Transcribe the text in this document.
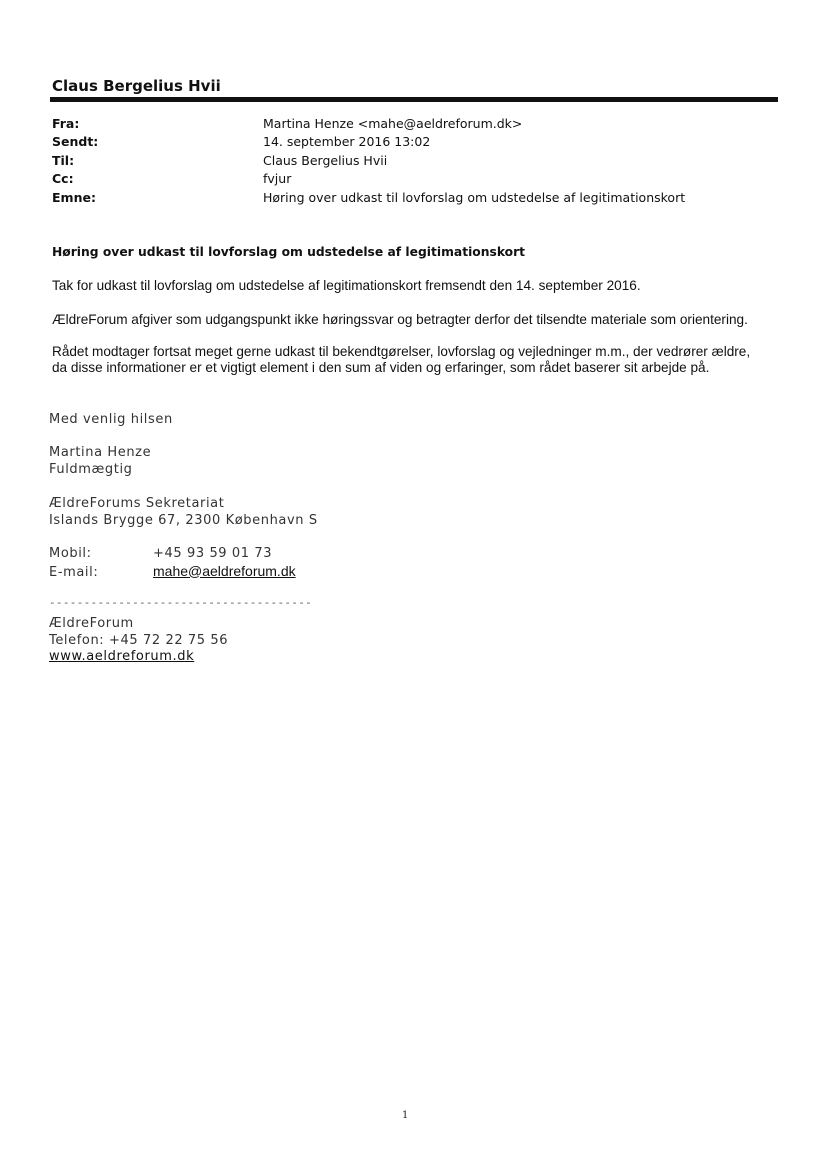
Claus Bergelius Hvii
Fra:	Martina Henze <mahe@aeldreforum.dk>
Sendt:	14. september 2016 13:02
Til:	Claus Bergelius Hvii
Cc:	fvjur
Emne:	Høring over udkast til lovforslag om udstedelse af legitimationskort
Høring over udkast til lovforslag om udstedelse af legitimationskort
Tak for udkast til lovforslag om udstedelse af legitimationskort fremsendt den 14. september 2016.
ÆldreForum afgiver som udgangspunkt ikke høringssvar og betragter derfor det tilsendte materiale som orientering.
Rådet modtager fortsat meget gerne udkast til bekendtgørelser, lovforslag og vejledninger m.m., der vedrører ældre,
da disse informationer er et vigtigt element i den sum af viden og erfaringer, som rådet baserer sit arbejde på.
Med venlig hilsen
Martina Henze
Fuldmægtig
ÆldreForums Sekretariat
Islands Brygge 67, 2300 København S
Mobil:	+45 93 59 01 73
E-mail:	mahe@aeldreforum.dk
--------------------------------------
ÆldreForum
Telefon: +45 72 22 75 56
www.aeldreforum.dk
1
